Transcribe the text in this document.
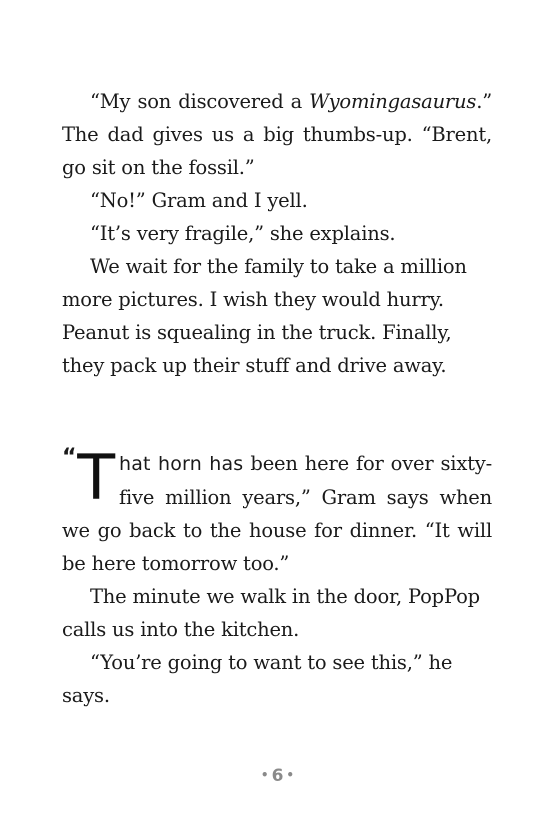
“My son discovered a Wyomingasaurus.” The dad gives us a big thumbs-up. “Brent, go sit on the fossil.”

“No!” Gram and I yell.

“It’s very fragile,” she explains.

We wait for the family to take a million more pictures. I wish they would hurry. Peanut is squealing in the truck. Finally, they pack up their stuff and drive away.

“ T hat horn has been here for over sixty-five million years,” Gram says when we go back to the house for dinner. “It will be here tomorrow too.”

The minute we walk in the door, PopPop calls us into the kitchen.

“You’re going to want to see this,” he says.

• 6 •
